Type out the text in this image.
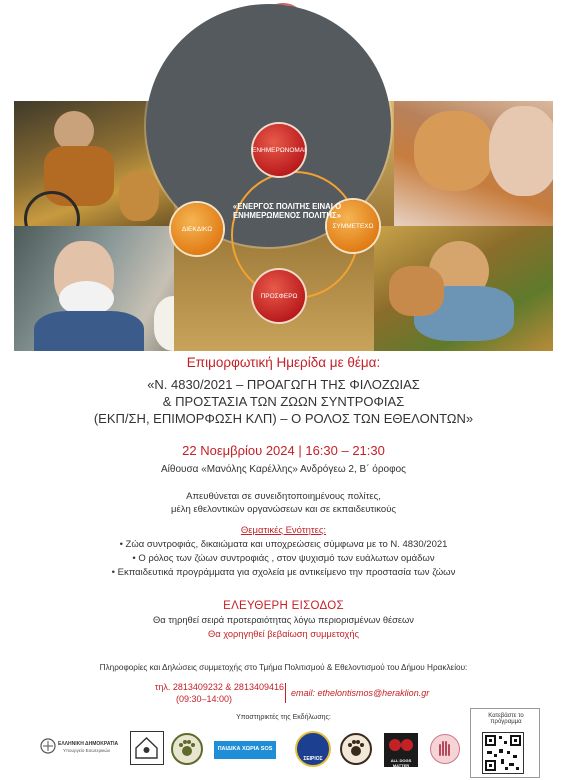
ΕΝΗΜΕΡΩΝΟΜΑΙ
ΣΥΜΜΕΤΕΧΩ
ΠΡΟΣΦΕΡΩ
ΔΙΕΚΔΙΚΩ
«ΕΝΕΡΓΟΣ ΠΟΛΙΤΗΣ ΕΙΝΑΙ Ο ΕΝΗΜΕΡΩΜΕΝΟΣ ΠΟΛΙΤΗΣ»
Επιμορφωτική Ημερίδα με θέμα:
«Ν. 4830/2021 – ΠΡΟΑΓΩΓΗ ΤΗΣ ΦΙΛΟΖΩΙΑΣ
& ΠΡΟΣΤΑΣΙΑ ΤΩΝ ΖΩΩΝ ΣΥΝΤΡΟΦΙΑΣ
(ΕΚΠ/ΣΗ, ΕΠΙΜΟΡΦΩΣΗ ΚΛΠ) – Ο ΡΟΛΟΣ ΤΩΝ ΕΘΕΛΟΝΤΩΝ»
22 Νοεμβρίου 2024 | 16:30 – 21:30
Αίθουσα «Μανόλης Καρέλλης» Ανδρόγεω 2, Β΄ όροφος
Απευθύνεται σε συνειδητοποιημένους πολίτες,
μέλη εθελοντικών οργανώσεων και σε εκπαιδευτικούς
Θεματικές Ενότητες:
• Ζώα συντροφιάς, δικαιώματα και υποχρεώσεις σύμφωνα με το Ν. 4830/2021
• Ο ρόλος των ζώων συντροφιάς , στον ψυχισμό των ευάλωτων ομάδων
• Εκπαιδευτικά προγράμματα για σχολεία με αντικείμενο την προστασία των ζώων
ΕΛΕΥΘΕΡΗ ΕΙΣΟΔΟΣ
Θα τηρηθεί σειρά προτεραιότητας λόγω περιορισμένων θέσεων
Θα χορηγηθεί βεβαίωση συμμετοχής
Πληροφορίες και Δηλώσεις συμμετοχής στο Τμήμα Πολιτισμού & Εθελοντισμού του Δήμου Ηρακλείου:
τηλ. 2813409232 & 2813409416
(09:30–14:00)
email: ethelontismos@heraklion.gr
Υποστηρικτές της Εκδήλωσης:
ΕΛΛΗΝΙΚΗ ΔΗΜΟΚΡΑΤΙΑ
Υπουργείο Εσωτερικών	ΠΑΙΔΙΚΑ ΧΩΡΙΑ SOS
ΣΕΙΡΙΟΣ	ALL DOGS MATTER
Κατεβάστε το πρόγραμμα
